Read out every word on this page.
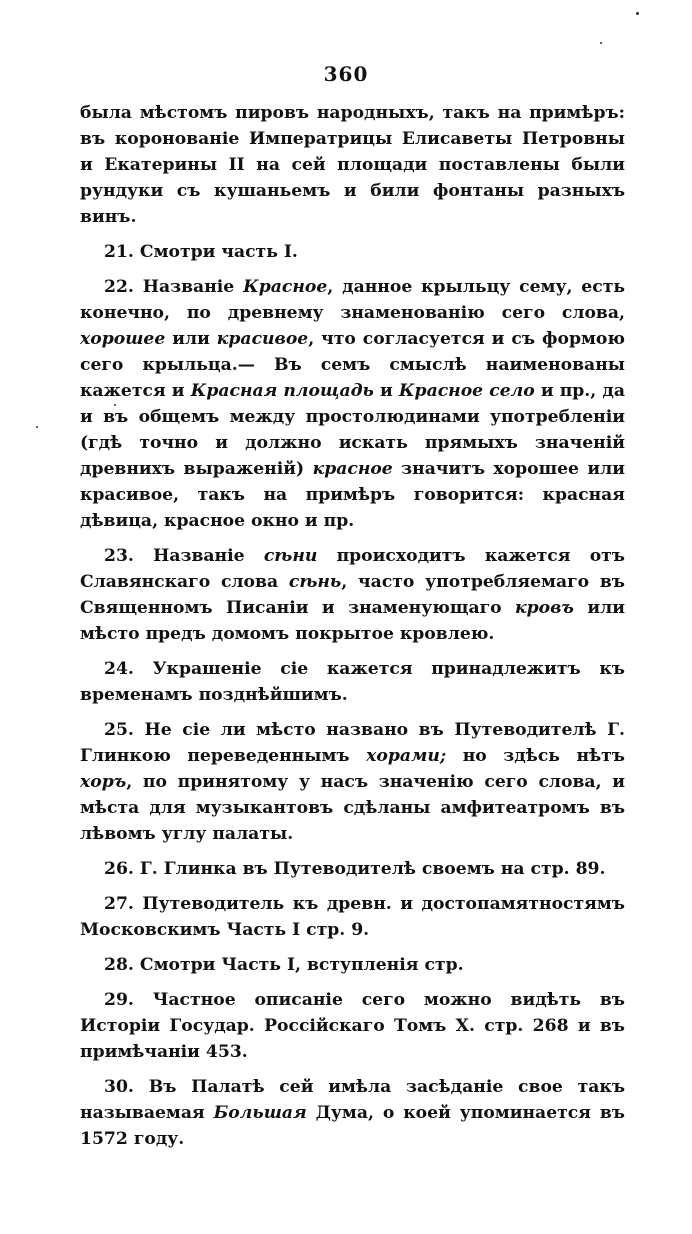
360

была мѣстомъ пировъ народныхъ, такъ на примѣръ: въ коронованіе Императрицы Елисаветы Петровны и Екатерины II на сей площади поставлены были рундуки съ кушаньемъ и били фонтаны разныхъ винъ.

21. Смотри часть I.

22. Названіе Красное, данное крыльцу сему, есть конечно, по древнему знаменованію сего слова, хорошее или красивое, что согласуется и съ формою сего крыльца.— Въ семъ смыслѣ наименованы кажется и Красная площадь и Красное село и пр., да и въ общемъ между простолюдинами употребленіи (гдѣ точно и должно искать прямыхъ значеній древнихъ выраженій) красное значитъ хорошее или красивое, такъ на примѣръ говорится: красная дѣвица, красное окно и пр.

23. Названіе сѣни происходитъ кажется отъ Славянскаго слова сѣнь, часто употребляемаго въ Священномъ Писаніи и знаменующаго кровъ или мѣсто предъ домомъ покрытое кровлею.

24. Украшеніе сіе кажется принадлежитъ къ временамъ позднѣйшимъ.

25. Не сіе ли мѣсто названо въ Путеводителѣ Г. Глинкою переведеннымъ хорами; но здѣсь нѣтъ хоръ, по принятому у насъ значенію сего слова, и мѣста для музыкантовъ сдѣланы амфитеатромъ въ лѣвомъ углу палаты.

26. Г. Глинка въ Путеводителѣ своемъ на стр. 89.

27. Путеводитель къ древн. и достопамятностямъ Московскимъ Часть I стр. 9.

28. Смотри Часть I, вступленія стр.

29. Частное описаніе сего можно видѣть въ Исторіи Государ. Россійскаго Томъ X. стр. 268 и въ примѣчаніи 453.

30. Въ Палатѣ сей имѣла засѣданіе свое такъ называемая Большая Дума, о коей упоминается въ 1572 году.
